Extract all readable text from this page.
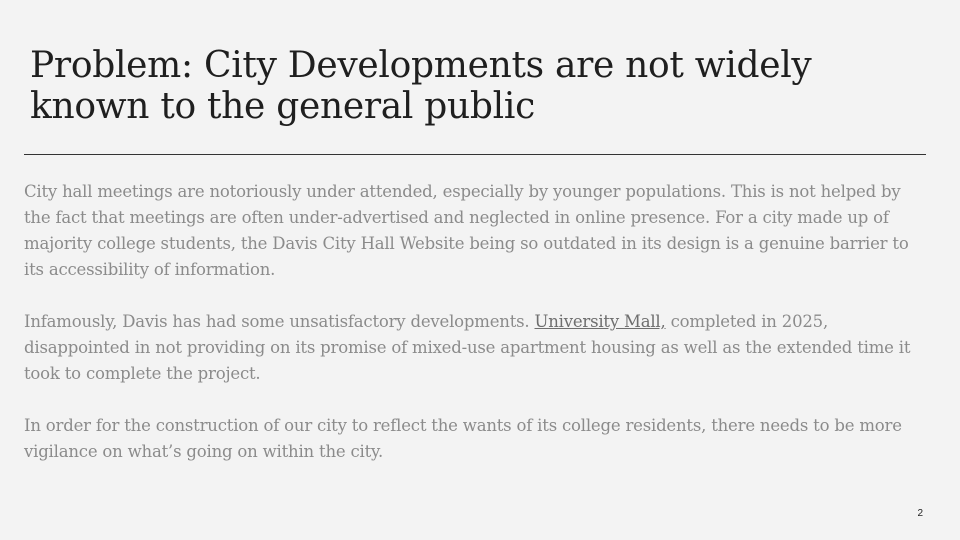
Problem: City Developments are not widely known to the general public

City hall meetings are notoriously under attended, especially by younger populations. This is not helped by the fact that meetings are often under-advertised and neglected in online presence. For a city made up of majority college students, the Davis City Hall Website being so outdated in its design is a genuine barrier to its accessibility of information.

Infamously, Davis has had some unsatisfactory developments. University Mall, completed in 2025, disappointed in not providing on its promise of mixed-use apartment housing as well as the extended time it took to complete the project.

In order for the construction of our city to reflect the wants of its college residents, there needs to be more vigilance on what’s going on within the city.

2
